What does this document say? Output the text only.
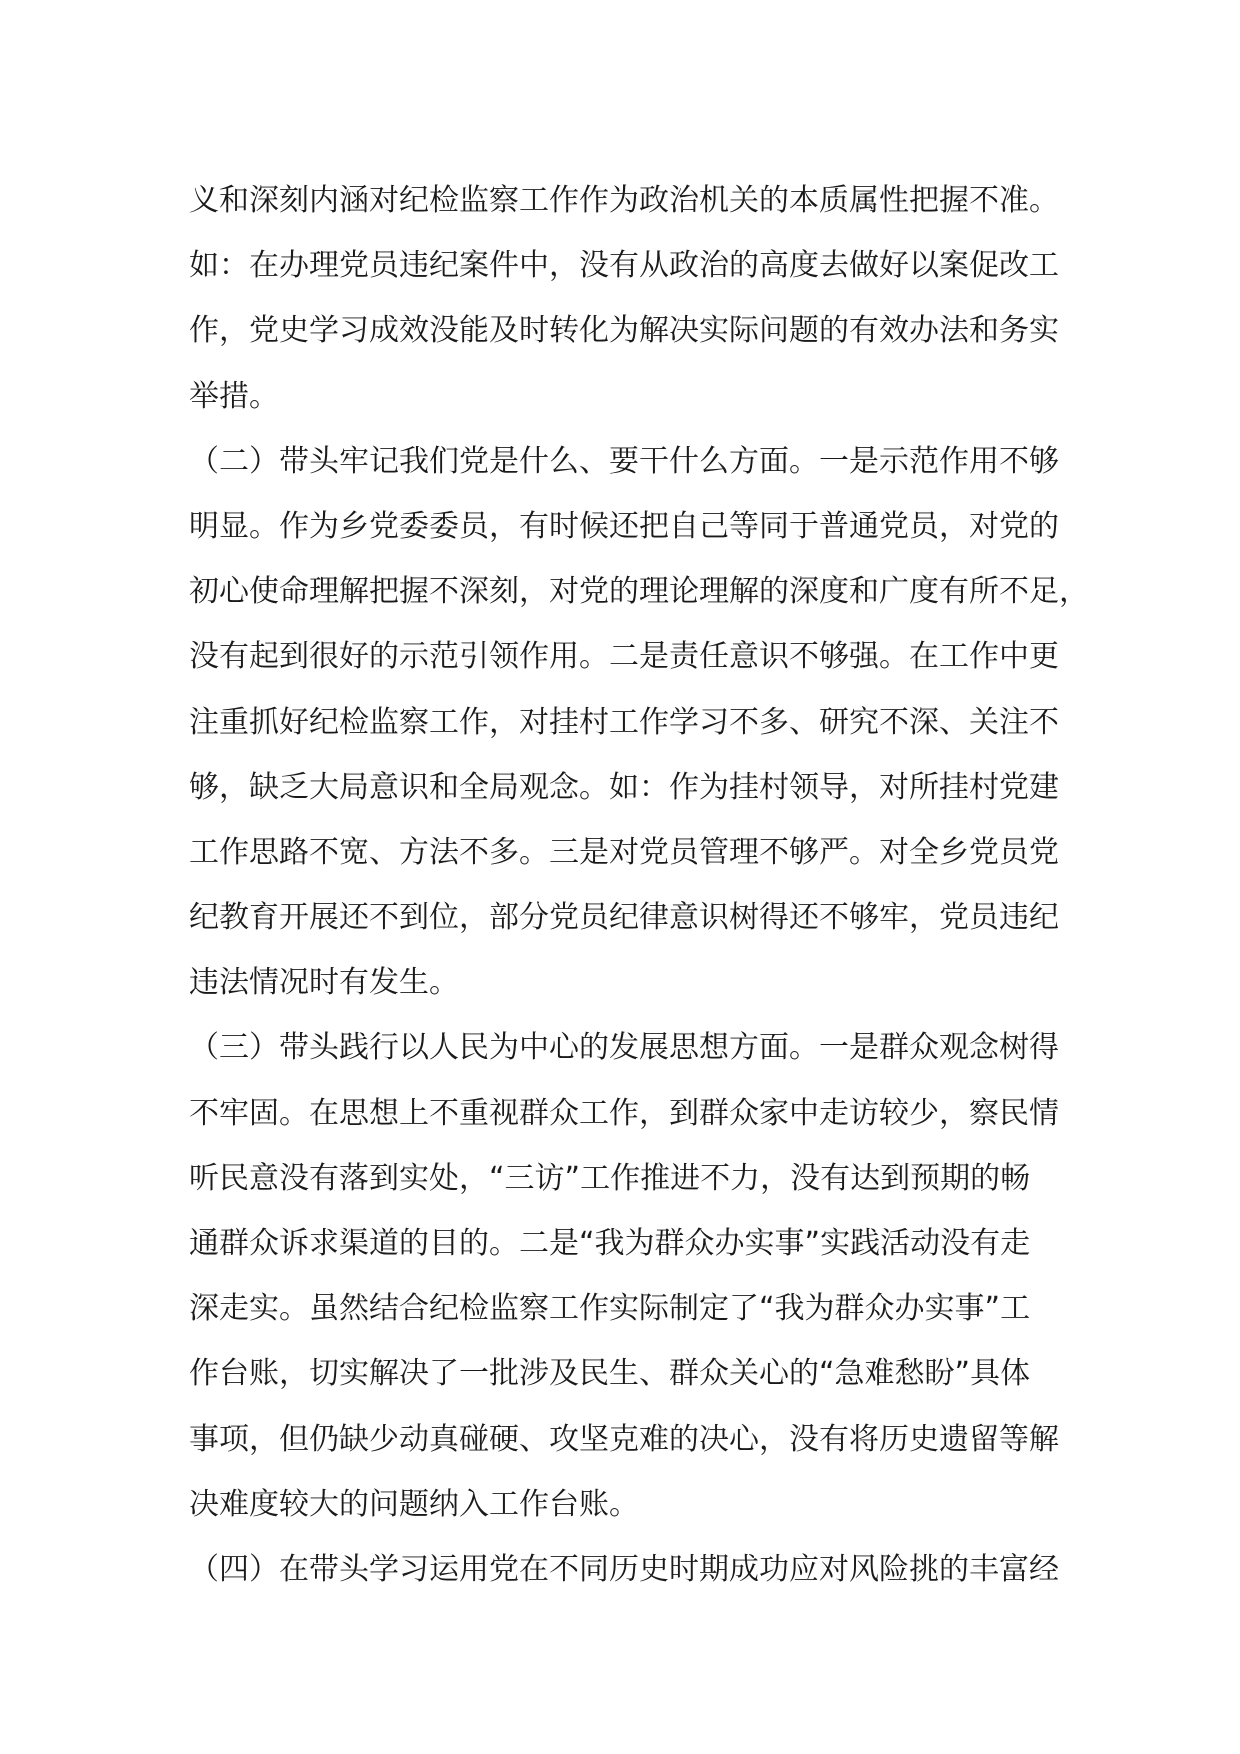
义和深刻内涵对纪检监察工作作为政治机关的本质属性把握不准。
如：在办理党员违纪案件中，没有从政治的高度去做好以案促改工
作，党史学习成效没能及时转化为解决实际问题的有效办法和务实
举措。
（二）带头牢记我们党是什么、要干什么方面。一是示范作用不够
明显。作为乡党委委员，有时候还把自己等同于普通党员，对党的
初心使命理解把握不深刻，对党的理论理解的深度和广度有所不足，
没有起到很好的示范引领作用。二是责任意识不够强。在工作中更
注重抓好纪检监察工作，对挂村工作学习不多、研究不深、关注不
够，缺乏大局意识和全局观念。如：作为挂村领导，对所挂村党建
工作思路不宽、方法不多。三是对党员管理不够严。对全乡党员党
纪教育开展还不到位，部分党员纪律意识树得还不够牢，党员违纪
违法情况时有发生。
（三）带头践行以人民为中心的发展思想方面。一是群众观念树得
不牢固。在思想上不重视群众工作，到群众家中走访较少，察民情
听民意没有落到实处，“三访”工作推进不力，没有达到预期的畅
通群众诉求渠道的目的。二是“我为群众办实事”实践活动没有走
深走实。虽然结合纪检监察工作实际制定了“我为群众办实事”工
作台账，切实解决了一批涉及民生、群众关心的“急难愁盼”具体
事项，但仍缺少动真碰硬、攻坚克难的决心，没有将历史遗留等解
决难度较大的问题纳入工作台账。
（四）在带头学习运用党在不同历史时期成功应对风险挑的丰富经
